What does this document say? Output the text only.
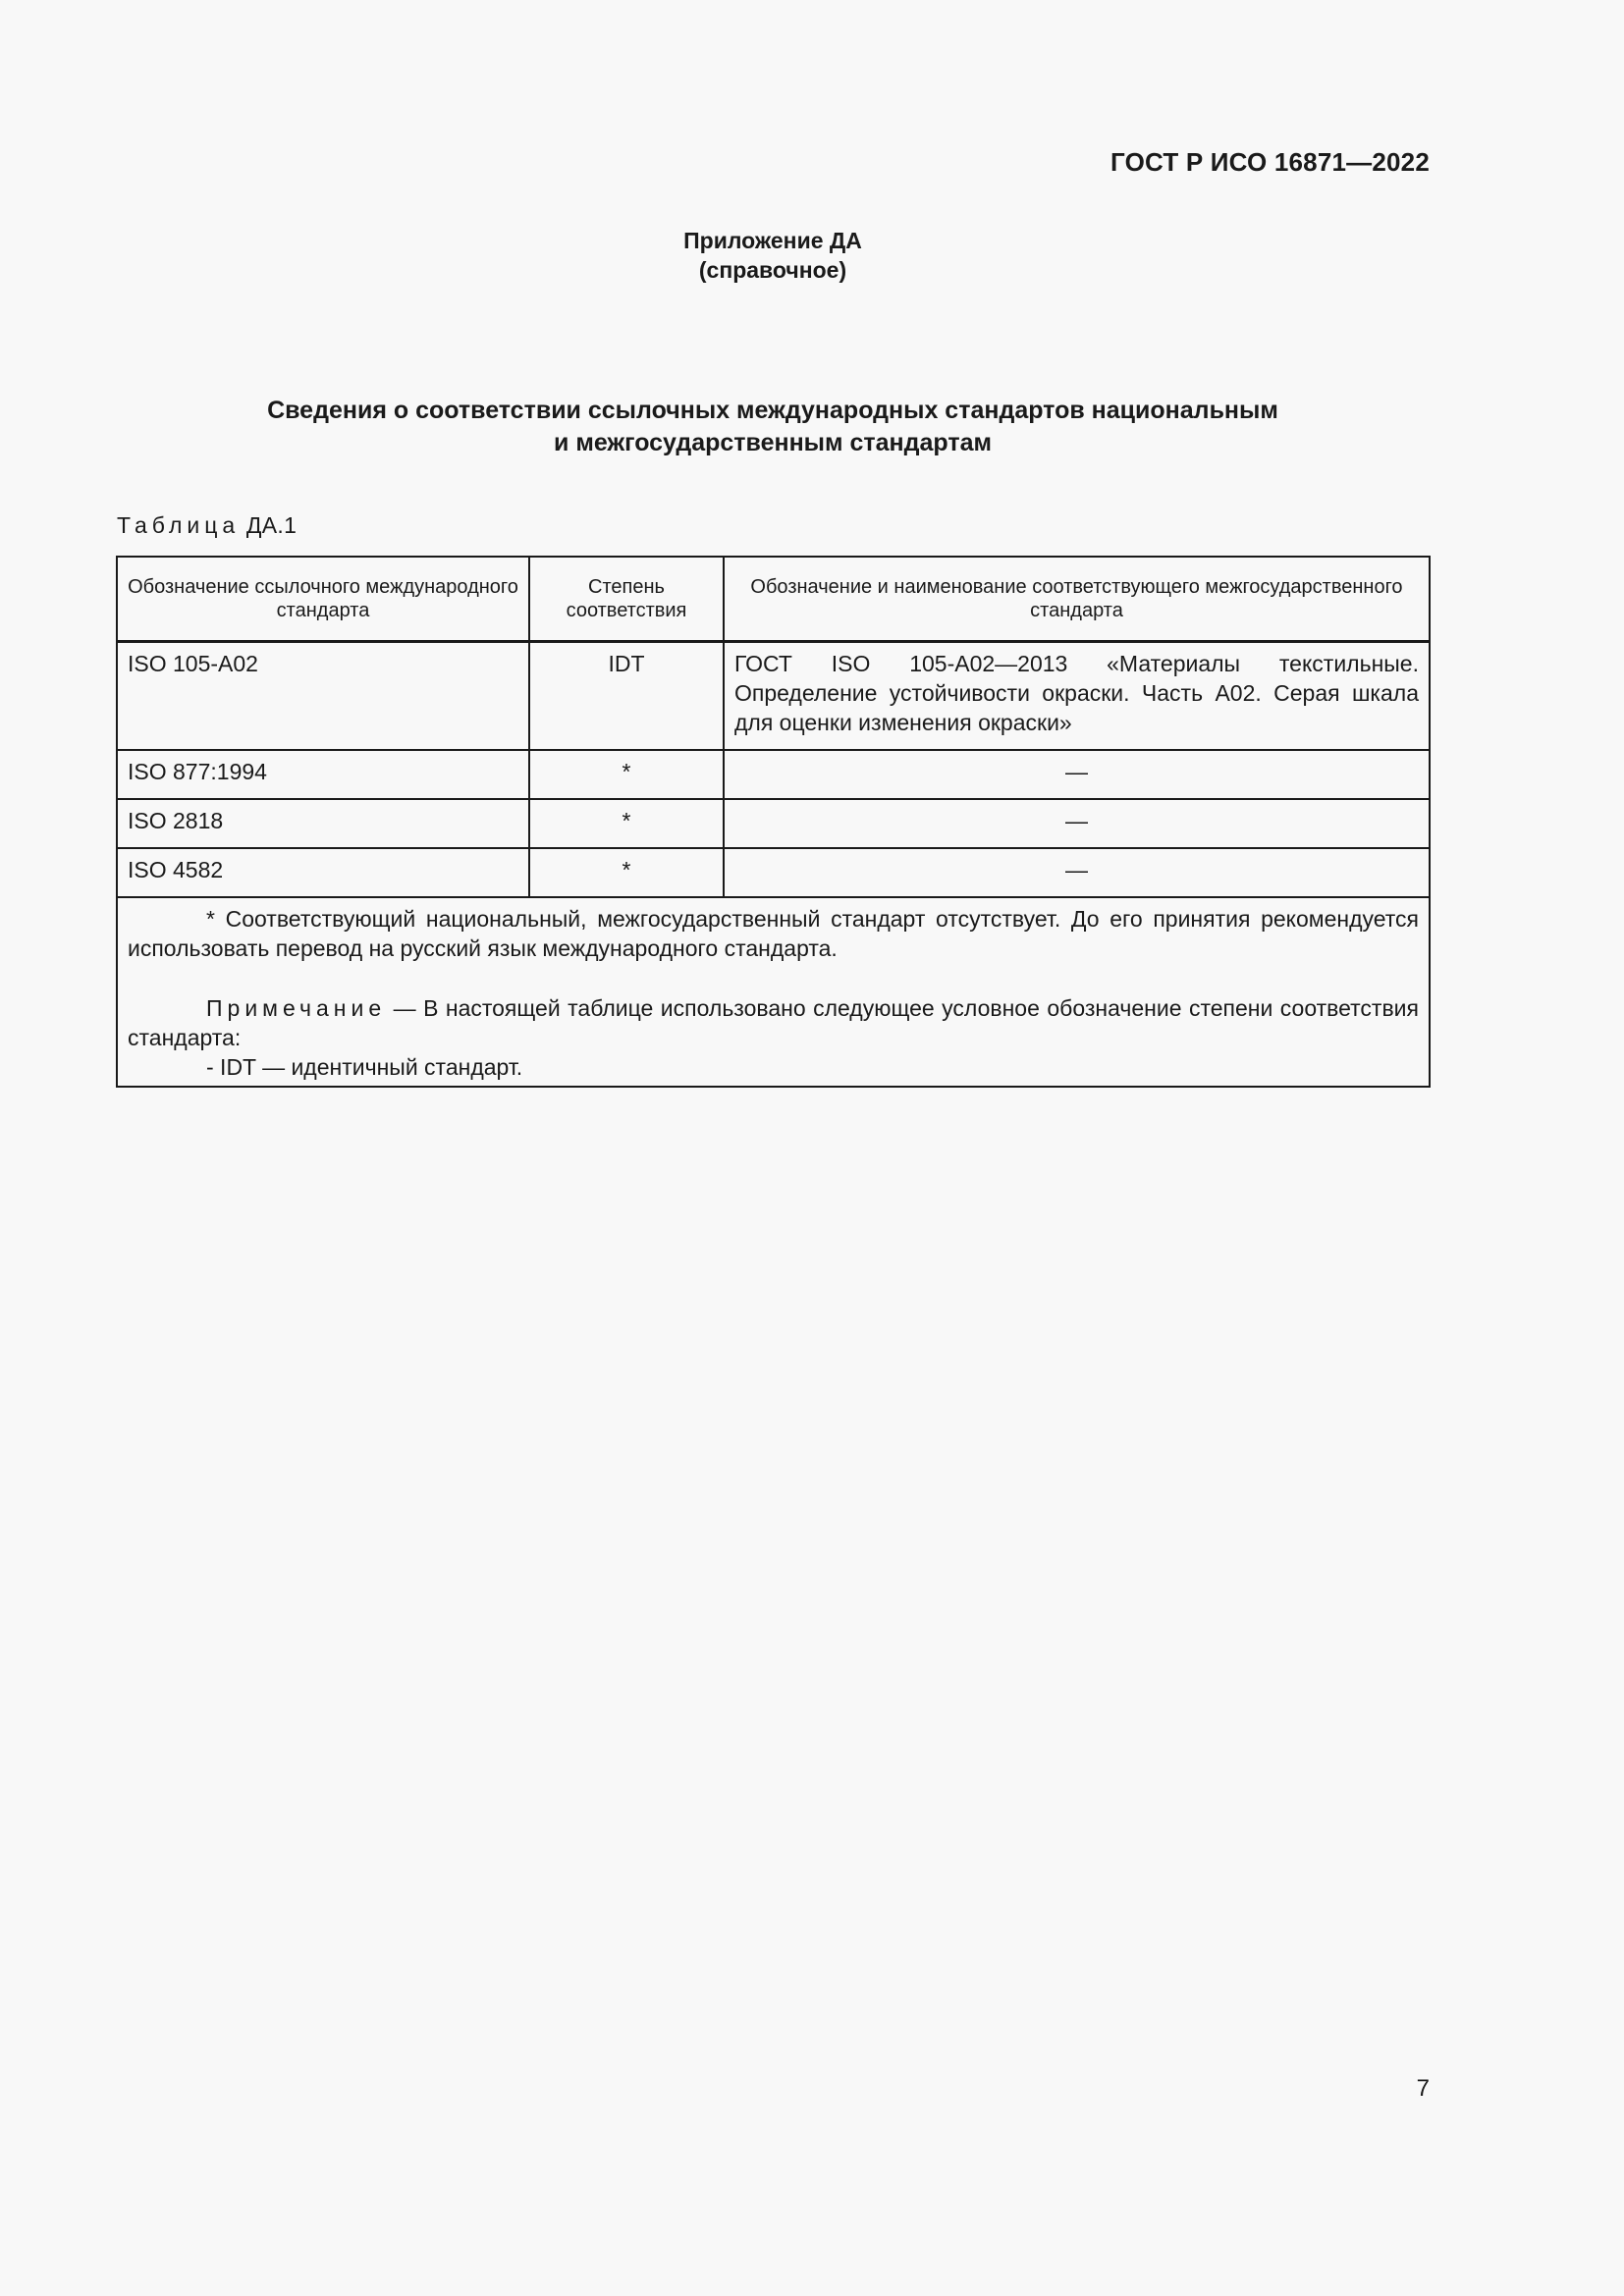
ГОСТ Р ИСО 16871—2022
Приложение ДА
(справочное)
Сведения о соответствии ссылочных международных стандартов национальным
и межгосударственным стандартам
Таблица ДА.1
Обозначение ссылочного международного стандарта	Степень соответствия	Обозначение и наименование соответствующего межгосударственного стандарта
ISO 105-A02	IDT	ГОСТ ISO 105-A02—2013 «Материалы текстильные. Определение устойчивости окраски. Часть A02. Серая шкала для оценки изменения окраски»
ISO 877:1994	*	—
ISO 2818	*	—
ISO 4582	*	—

* Соответствующий национальный, межгосударственный стандарт отсутствует. До его принятия рекомендуется использовать перевод на русский язык международного стандарта.

Примечание — В настоящей таблице использовано следующее условное обозначение степени соответствия стандарта:

- IDT — идентичный стандарт.		

7
